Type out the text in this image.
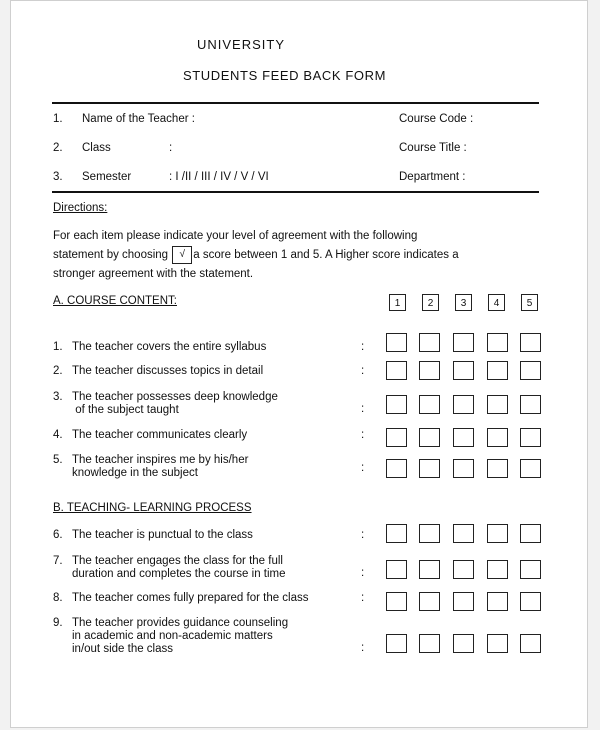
UNIVERSITY
STUDENTS FEED BACK FORM
1. Name of the Teacher :	Course Code :
2. Class	:	Course Title :
3. Semester	: I /II / III / IV / V / VI	Department :
Directions:
For each item please indicate your level of agreement with the following
statement by choosing √ a score between 1 and 5. A Higher score indicates a
stronger agreement with the statement.
A. COURSE CONTENT:	1	2	3	4	5
1. The teacher covers the entire syllabus	:
2. The teacher discusses topics in detail	:
3. The teacher possesses deep knowledge
of the subject taught	:
4. The teacher communicates clearly	:
5. The teacher inspires me by his/her
knowledge in the subject	:
6. The teacher is punctual to the class	:
7. The teacher engages the class for the full
duration and completes the course in time	:
8. The teacher comes fully prepared for the class	:
9. The teacher provides guidance counseling
in academic and non-academic matters
in/out side the class	:
B. TEACHING- LEARNING PROCESS
